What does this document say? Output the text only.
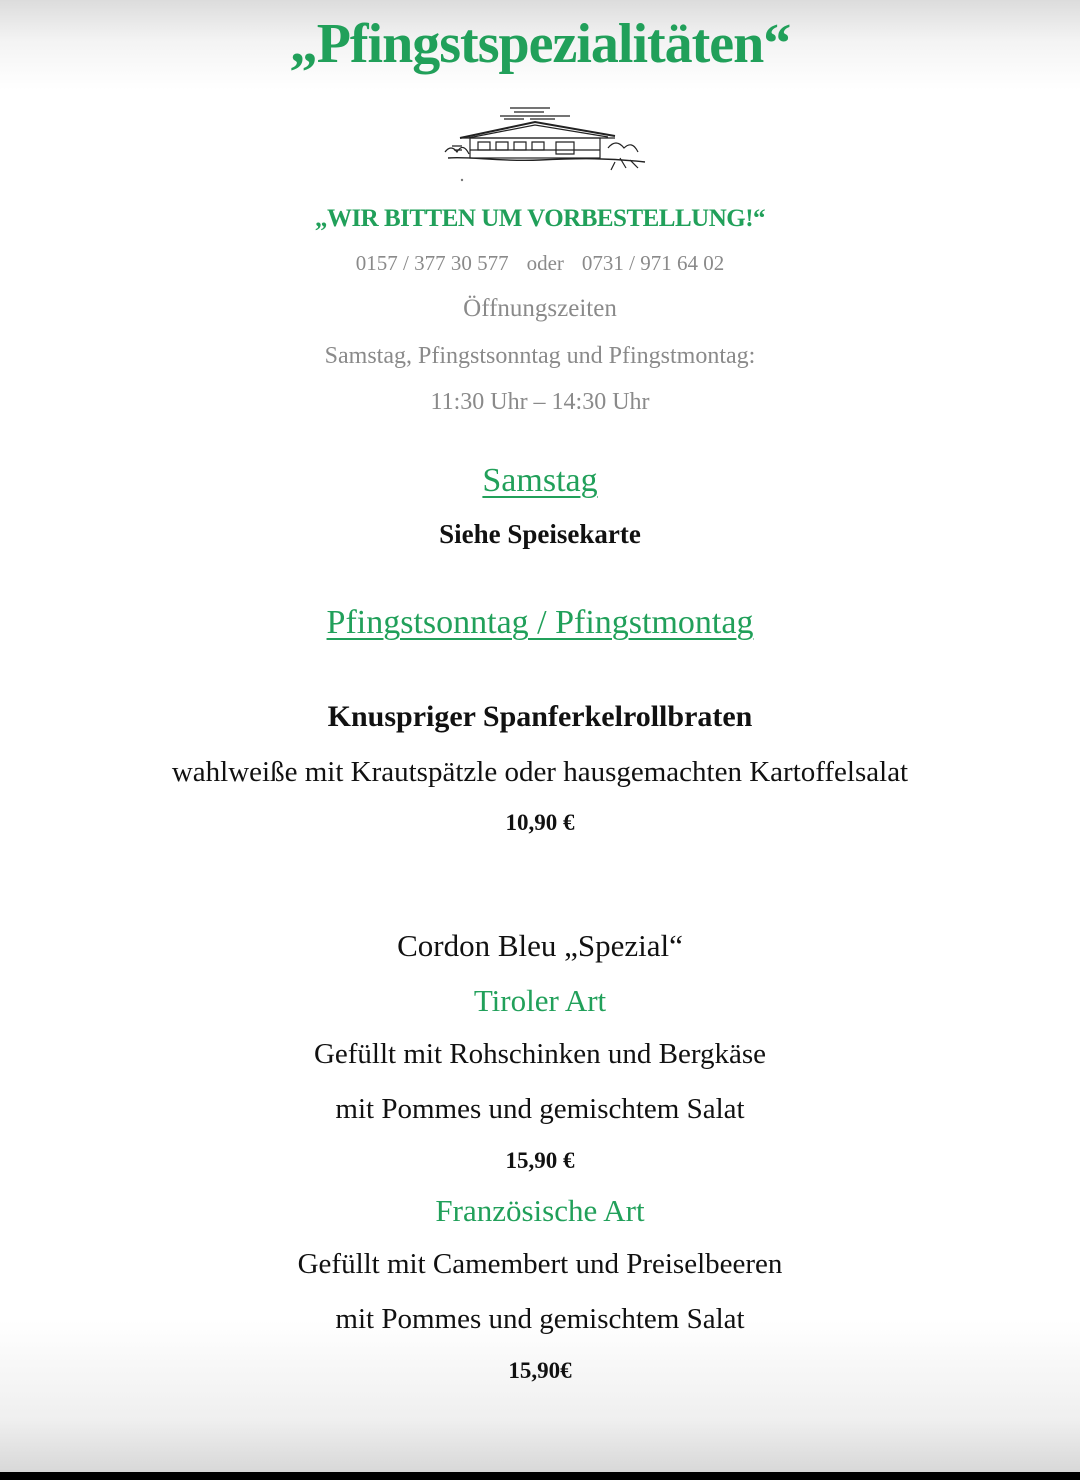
„Pfingstspezialitäten“
„WIR BITTEN UM VORBESTELLUNG!“
0157 / 377 30 577 oder 0731 / 971 64 02
Öffnungszeiten
Samstag, Pfingstsonntag und Pfingstmontag:
11:30 Uhr – 14:30 Uhr
Samstag
Siehe Speisekarte
Pfingstsonntag / Pfingstmontag
Knuspriger Spanferkelrollbraten
wahlweiße mit Krautspätzle oder hausgemachten Kartoffelsalat
10,90 €
Cordon Bleu „Spezial“
Tiroler Art
Gefüllt mit Rohschinken und Bergkäse
mit Pommes und gemischtem Salat
15,90 €
Französische Art
Gefüllt mit Camembert und Preiselbeeren
mit Pommes und gemischtem Salat
15,90€
